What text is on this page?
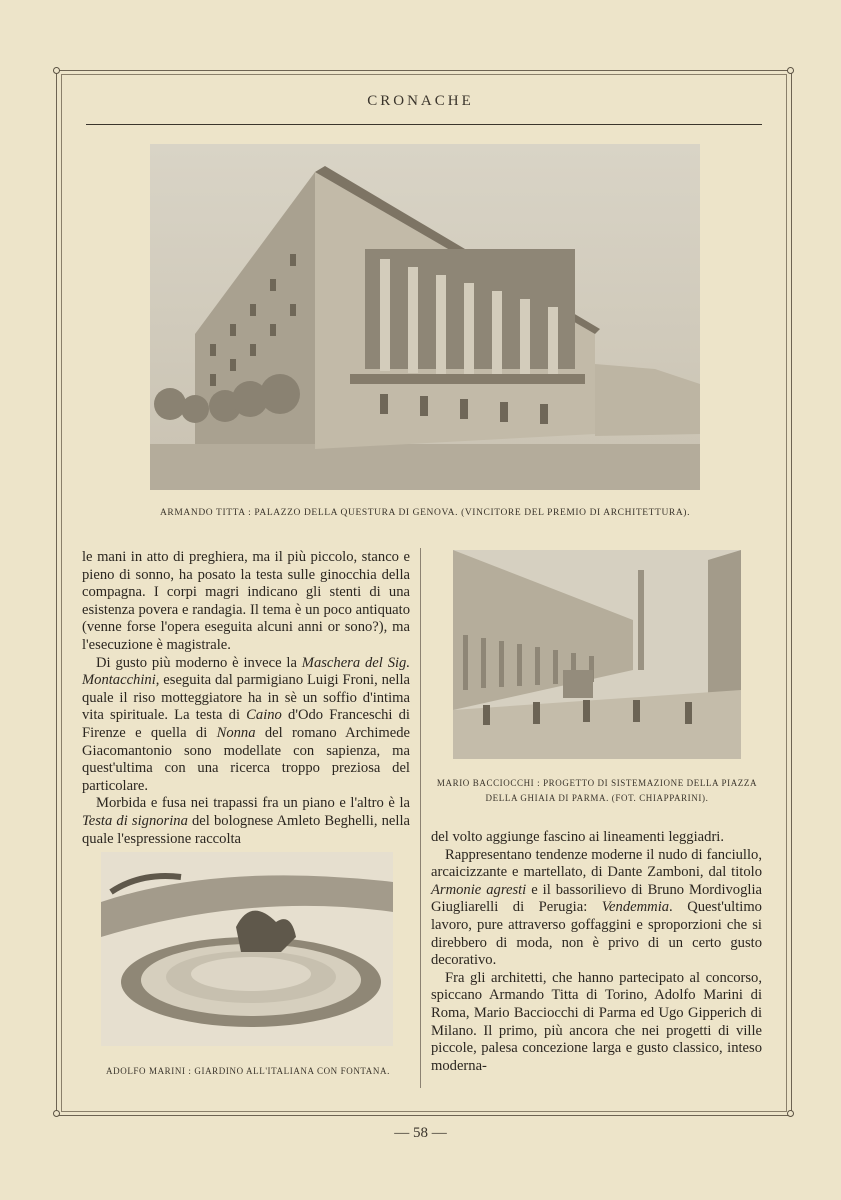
CRONACHE
ARMANDO TITTA : PALAZZO DELLA QUESTURA DI GENOVA. (VINCITORE DEL PREMIO DI ARCHITETTURA).
MARIO BACCIOCCHI : PROGETTO DI SISTEMAZIONE DELLA PIAZZA
DELLA GHIAIA DI PARMA. (FOT. CHIAPPARINI).
ADOLFO MARINI : GIARDINO ALL'ITALIANA CON FONTANA.

le mani in atto di preghiera, ma il più piccolo, stanco e pieno di sonno, ha posato la testa sulle ginocchia della compagna. I corpi magri indicano gli stenti di una esistenza povera e randagia. Il tema è un poco antiquato (venne forse l'opera eseguita alcuni anni or sono?), ma l'esecuzione è magistrale.

Di gusto più moderno è invece la Maschera del Sig. Montacchini, eseguita dal parmigiano Luigi Froni, nella quale il riso motteggiatore ha in sè un soffio d'intima vita spirituale. La testa di Caino d'Odo Franceschi di Firenze e quella di Nonna del romano Archimede Giacomantonio sono modellate con sapienza, ma quest'ultima con una ricerca troppo preziosa del particolare.

Morbida e fusa nei trapassi fra un piano e l'altro è la Testa di signorina del bolognese Amleto Beghelli, nella quale l'espressione raccolta	del volto aggiunge fascino ai lineamenti leggiadri.

Rappresentano tendenze moderne il nudo di fanciullo, arcaicizzante e martellato, di Dante Zamboni, dal titolo Armonie agresti e il bassorilievo di Bruno Mordivoglia Giugliarelli di Perugia: Vendemmia. Quest'ultimo lavoro, pure attraverso goffaggini e sproporzioni che si direbbero di moda, non è privo di un certo gusto decorativo.

Fra gli architetti, che hanno partecipato al concorso, spiccano Armando Titta di Torino, Adolfo Marini di Roma, Mario Bacciocchi di Parma ed Ugo Gipperich di Milano. Il primo, più ancora che nei progetti di ville piccole, palesa concezione larga e gusto classico, inteso moderna-

— 58 —
